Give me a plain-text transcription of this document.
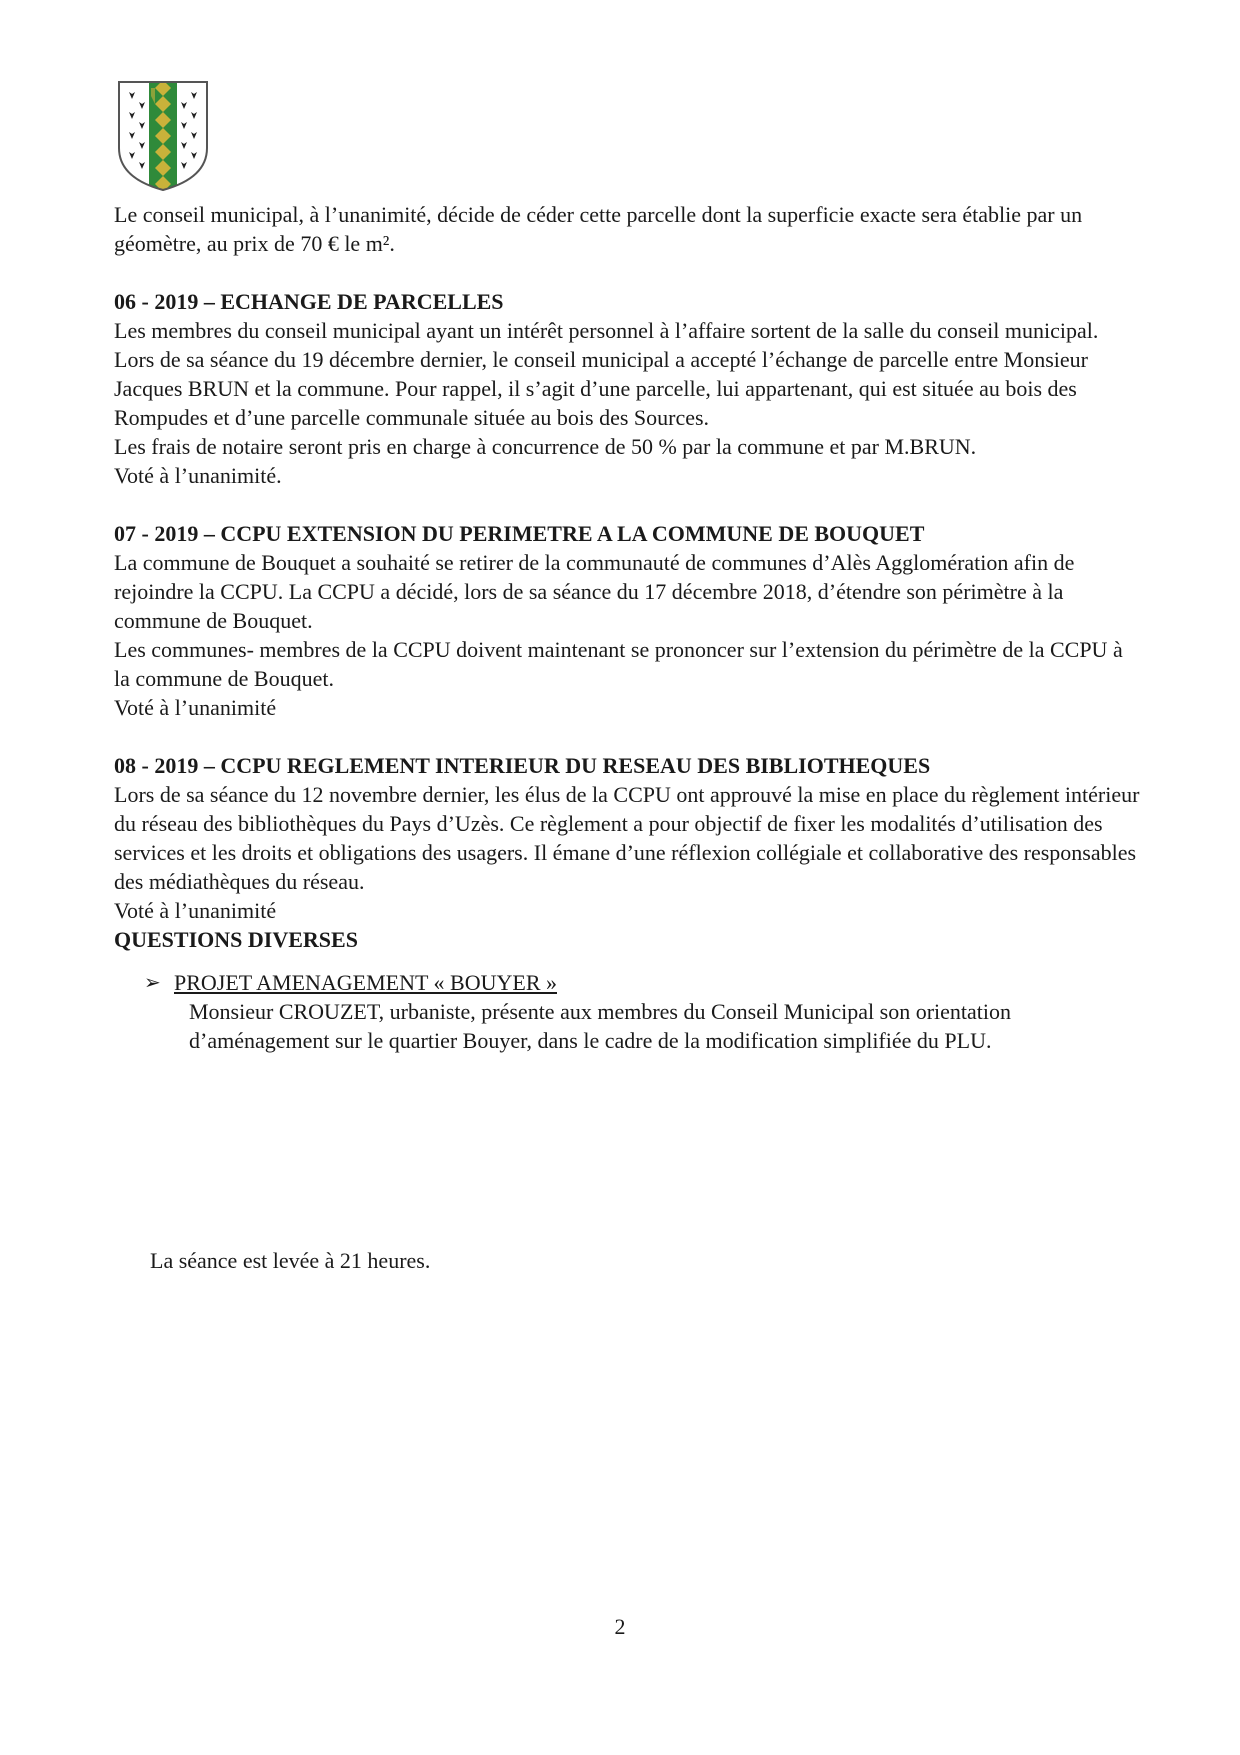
Le conseil municipal, à l’unanimité, décide de céder cette parcelle dont la superficie exacte sera établie par un géomètre, au prix de 70 € le m².

06 - 2019 – ECHANGE DE PARCELLES

Les membres du conseil municipal ayant un intérêt personnel à l’affaire sortent de la salle du conseil municipal. Lors de sa séance du 19 décembre dernier, le conseil municipal a accepté l’échange de parcelle entre Monsieur Jacques BRUN et la commune. Pour rappel, il s’agit d’une parcelle, lui appartenant, qui est située au bois des Rompudes et d’une parcelle communale située au bois des Sources.

Les frais de notaire seront pris en charge à concurrence de 50 % par la commune et par M.BRUN.

Voté à l’unanimité.

07 - 2019 – CCPU EXTENSION DU PERIMETRE A LA COMMUNE DE BOUQUET

La commune de Bouquet a souhaité se retirer de la communauté de communes d’Alès Agglomération afin de rejoindre la CCPU. La CCPU a décidé, lors de sa séance du 17 décembre 2018, d’étendre son périmètre à la commune de Bouquet.

Les communes- membres de la CCPU doivent maintenant se prononcer sur l’extension du périmètre de la CCPU à la commune de Bouquet.

Voté à l’unanimité

08 - 2019 – CCPU REGLEMENT INTERIEUR DU RESEAU DES BIBLIOTHEQUES

Lors de sa séance du 12 novembre dernier, les élus de la CCPU ont approuvé la mise en place du règlement intérieur du réseau des bibliothèques du Pays d’Uzès. Ce règlement a pour objectif de fixer les modalités d’utilisation des services et les droits et obligations des usagers. Il émane d’une réflexion collégiale et collaborative des responsables des médiathèques du réseau.

Voté à l’unanimité

QUESTIONS DIVERSES

➢ PROJET AMENAGEMENT « BOUYER »

Monsieur CROUZET, urbaniste, présente aux membres du Conseil Municipal son orientation d’aménagement sur le quartier Bouyer, dans le cadre de la modification simplifiée du PLU.

La séance est levée à 21 heures.

2
